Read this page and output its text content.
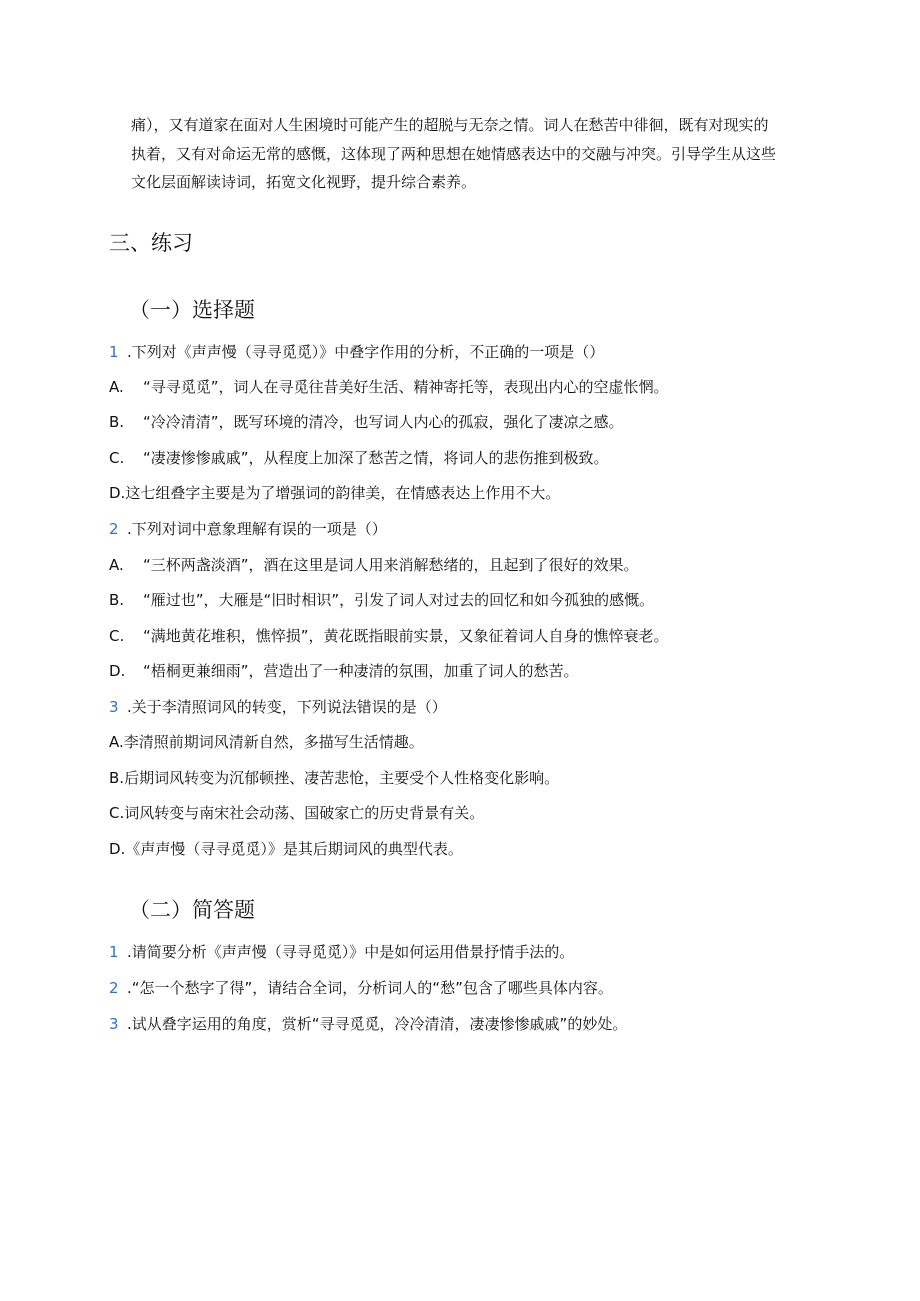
痛），又有道家在面对人生困境时可能产生的超脱与无奈之情。词人在愁苦中徘徊，既有对现实的
执着，又有对命运无常的感慨，这体现了两种思想在她情感表达中的交融与冲突。引导学生从这些
文化层面解读诗词，拓宽文化视野，提升综合素养。
三、练习
（一）选择题
1 .下列对《声声慢（寻寻觅觅）》中叠字作用的分析，不正确的一项是（）
A. “寻寻觅觅”，词人在寻觅往昔美好生活、精神寄托等，表现出内心的空虚怅惘。
B. “冷冷清清”，既写环境的清冷，也写词人内心的孤寂，强化了凄凉之感。
C. “凄凄惨惨戚戚”，从程度上加深了愁苦之情，将词人的悲伤推到极致。
D.这七组叠字主要是为了增强词的韵律美，在情感表达上作用不大。
2 .下列对词中意象理解有误的一项是（）
A. “三杯两盏淡酒”，酒在这里是词人用来消解愁绪的，且起到了很好的效果。
B. “雁过也”，大雁是“旧时相识”，引发了词人对过去的回忆和如今孤独的感慨。
C. “满地黄花堆积，憔悴损”，黄花既指眼前实景，又象征着词人自身的憔悴衰老。
D. “梧桐更兼细雨”，营造出了一种凄清的氛围，加重了词人的愁苦。
3 .关于李清照词风的转变，下列说法错误的是（）
A.李清照前期词风清新自然，多描写生活情趣。
B.后期词风转变为沉郁顿挫、凄苦悲怆，主要受个人性格变化影响。
C.词风转变与南宋社会动荡、国破家亡的历史背景有关。
D.《声声慢（寻寻觅觅）》是其后期词风的典型代表。
（二）简答题
1 .请简要分析《声声慢（寻寻觅觅）》中是如何运用借景抒情手法的。
2 .“怎一个愁字了得”，请结合全词，分析词人的“愁”包含了哪些具体内容。
3 .试从叠字运用的角度，赏析“寻寻觅觅，冷冷清清，凄凄惨惨戚戚”的妙处。
